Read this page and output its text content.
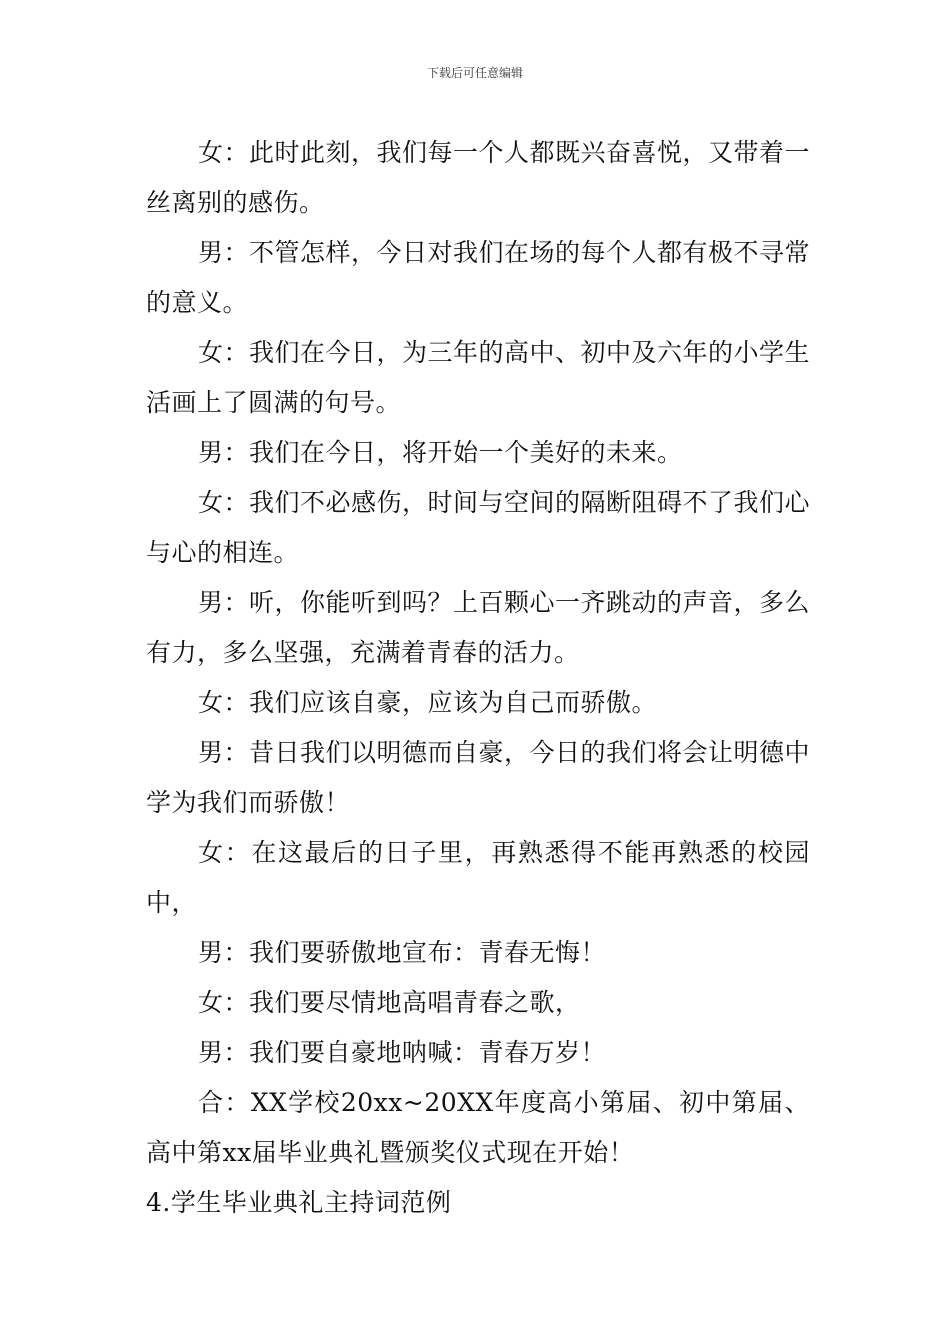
下载后可任意编辑

女：此时此刻，我们每一个人都既兴奋喜悦，又带着一丝离别的感伤。

男：不管怎样，今日对我们在场的每个人都有极不寻常的意义。

女：我们在今日，为三年的高中、初中及六年的小学生活画上了圆满的句号。

男：我们在今日，将开始一个美好的未来。

女：我们不必感伤，时间与空间的隔断阻碍不了我们心与心的相连。

男：听，你能听到吗？上百颗心一齐跳动的声音，多么有力，多么坚强，充满着青春的活力。

女：我们应该自豪，应该为自己而骄傲。

男：昔日我们以明德而自豪，今日的我们将会让明德中学为我们而骄傲！

女：在这最后的日子里，再熟悉得不能再熟悉的校园中，

男：我们要骄傲地宣布：青春无悔！

女：我们要尽情地高唱青春之歌，

男：我们要自豪地呐喊：青春万岁！

合：XX学校20xx~20XX年度高小第届、初中第届、高中第xx届毕业典礼暨颁奖仪式现在开始！

4.学生毕业典礼主持词范例
